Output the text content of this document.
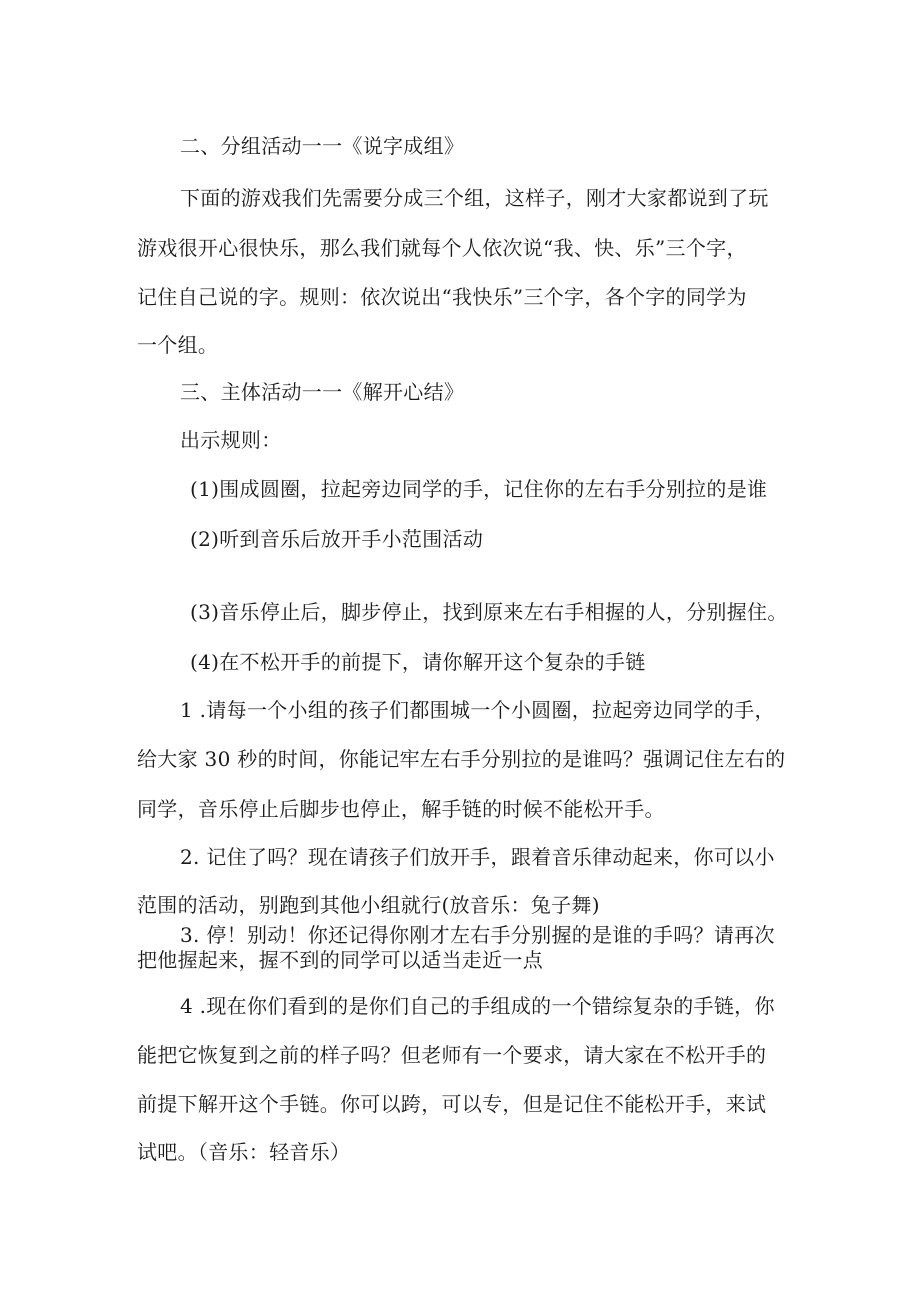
二、分组活动一一《说字成组》
下面的游戏我们先需要分成三个组，这样子，刚才大家都说到了玩
游戏很开心很快乐，那么我们就每个人依次说“我、快、乐”三个字，
记住自己说的字。规则：依次说出“我快乐”三个字，各个字的同学为
一个组。
三、主体活动一一《解开心结》
出示规则：
(1)围成圆圈，拉起旁边同学的手，记住你的左右手分别拉的是谁
(2)听到音乐后放开手小范围活动
(3)音乐停止后，脚步停止，找到原来左右手相握的人，分别握住。
(4)在不松开手的前提下，请你解开这个复杂的手链
1 .请每一个小组的孩子们都围城一个小圆圈，拉起旁边同学的手，
给大家 30 秒的时间，你能记牢左右手分别拉的是谁吗？强调记住左右的
同学，音乐停止后脚步也停止，解手链的时候不能松开手。
2. 记住了吗？现在请孩子们放开手，跟着音乐律动起来，你可以小
范围的活动，别跑到其他小组就行(放音乐：兔子舞)
3. 停！别动！你还记得你刚才左右手分别握的是谁的手吗？请再次
把他握起来，握不到的同学可以适当走近一点
4 .现在你们看到的是你们自己的手组成的一个错综复杂的手链，你
能把它恢复到之前的样子吗？但老师有一个要求，请大家在不松开手的
前提下解开这个手链。你可以跨，可以专，但是记住不能松开手，来试
试吧。（音乐：轻音乐）
